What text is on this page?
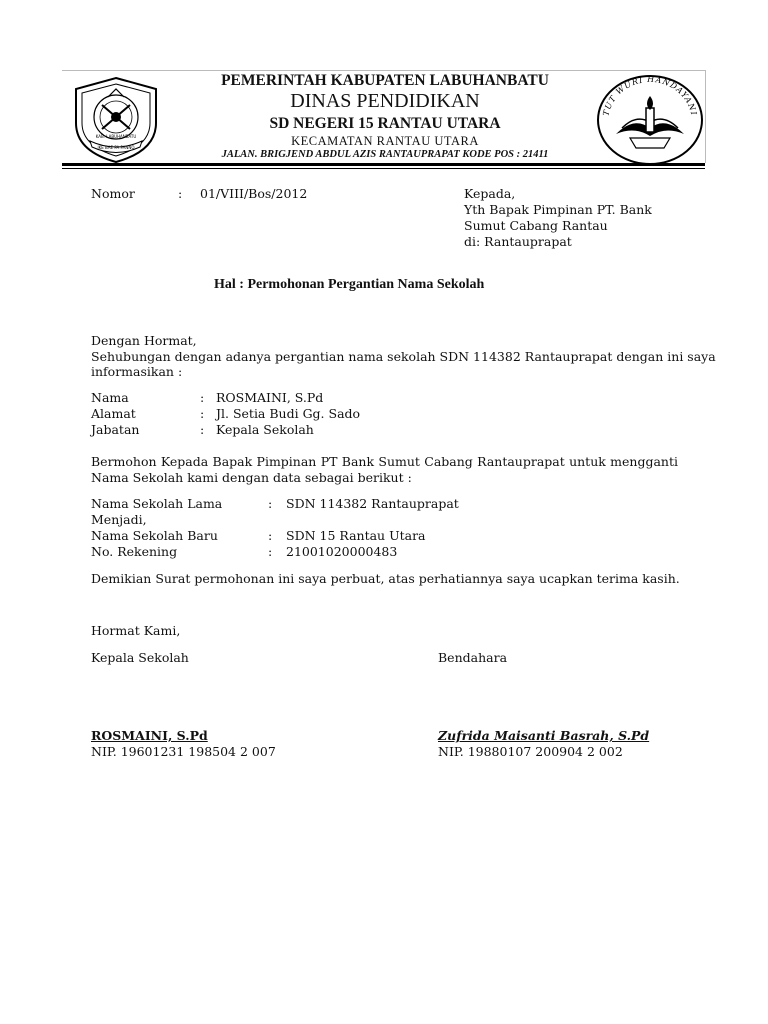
IKE BAE PA PANNO
KAB. LABUHANBATU
TUT WURI HANDAYANI
PEMERINTAH KABUPATEN LABUHANBATU
DINAS PENDIDIKAN
SD NEGERI 15 RANTAU UTARA
KECAMATAN RANTAU UTARA
JALAN. BRIGJEND ABDUL AZIS RANTAUPRAPAT KODE POS : 21411
Nomor	: 01/VIII/Bos/2012	Kepada,
Yth Bapak Pimpinan PT. Bank
Sumut Cabang Rantau
di: Rantauprapat
Hal : Permohonan Pergantian Nama Sekolah
Dengan Hormat,
Sehubungan dengan adanya pergantian nama sekolah SDN 114382 Rantauprapat dengan ini saya
informasikan :
Nama	: ROSMAINI, S.Pd
Alamat	: Jl. Setia Budi Gg. Sado
Jabatan	: Kepala Sekolah
Bermohon Kepada Bapak Pimpinan PT Bank Sumut Cabang Rantauprapat untuk mengganti
Nama Sekolah kami dengan data sebagai berikut :
Nama Sekolah Lama	: SDN 114382 Rantauprapat
Menjadi,
Nama Sekolah Baru	: SDN 15 Rantau Utara
No. Rekening	: 21001020000483
Demikian Surat permohonan ini saya perbuat, atas perhatiannya saya ucapkan terima kasih.
Hormat Kami,
Kepala Sekolah	Bendahara
ROSMAINI, S.Pd	Zufrida Maisanti Basrah, S.Pd
NIP. 19601231 198504 2 007	NIP. 19880107 200904 2 002
